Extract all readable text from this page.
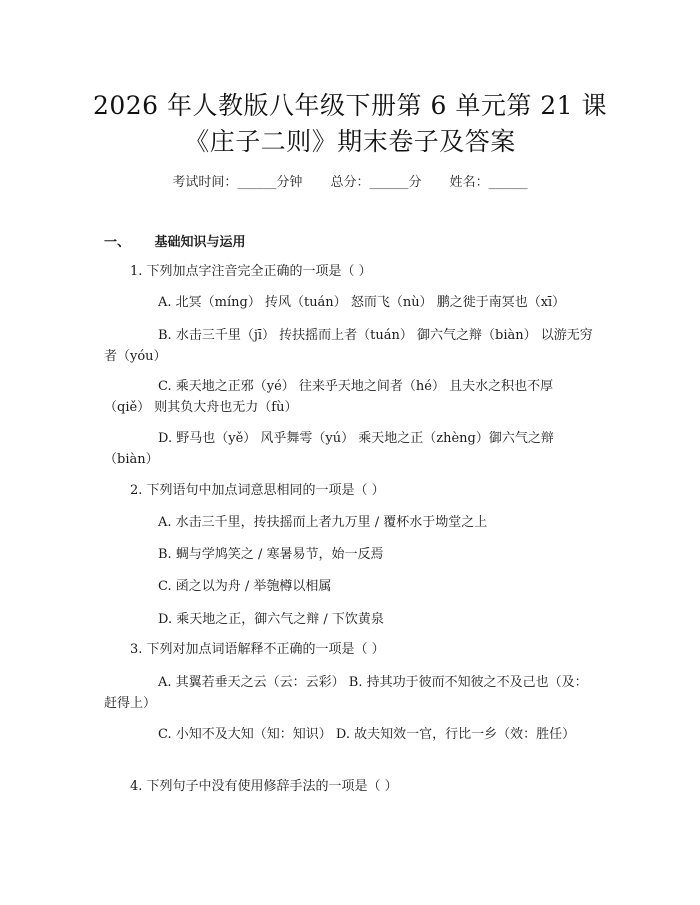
2026 年人教版八年级下册第 6 单元第 21 课
《庄子二则》期末卷子及答案
考试时间：______分钟 总分：______分 姓名：______
一、 基础知识与运用
1. 下列加点字注音完全正确的一项是（ ）
A. 北冥（míng） 抟风（tuán） 怒而飞（nù） 鹏之徙于南冥也（xī）
B. 水击三千里（jī） 抟扶摇而上者（tuán） 御六气之辩（biàn） 以游无穷者（yóu）
C. 乘天地之正邪（yé） 往来乎天地之间者（hé） 且夫水之积也不厚（qiě） 则其负大舟也无力（fù）
D. 野马也（yě） 风乎舞雩（yú） 乘天地之正（zhèng）御六气之辩（biàn）
2. 下列语句中加点词意思相同的一项是（ ）
A. 水击三千里，抟扶摇而上者九万里 / 覆杯水于坳堂之上
B. 蜩与学鸠笑之 / 寒暑易节，始一反焉
C. 函之以为舟 / 举匏樽以相属
D. 乘天地之正，御六气之辩 / 下饮黄泉
3. 下列对加点词语解释不正确的一项是（ ）
A. 其翼若垂天之云（云：云彩） B. 持其功于彼而不知彼之不及己也（及：赶得上）
C. 小知不及大知（知：知识） D. 故夫知效一官，行比一乡（效：胜任）
4. 下列句子中没有使用修辞手法的一项是（ ）
